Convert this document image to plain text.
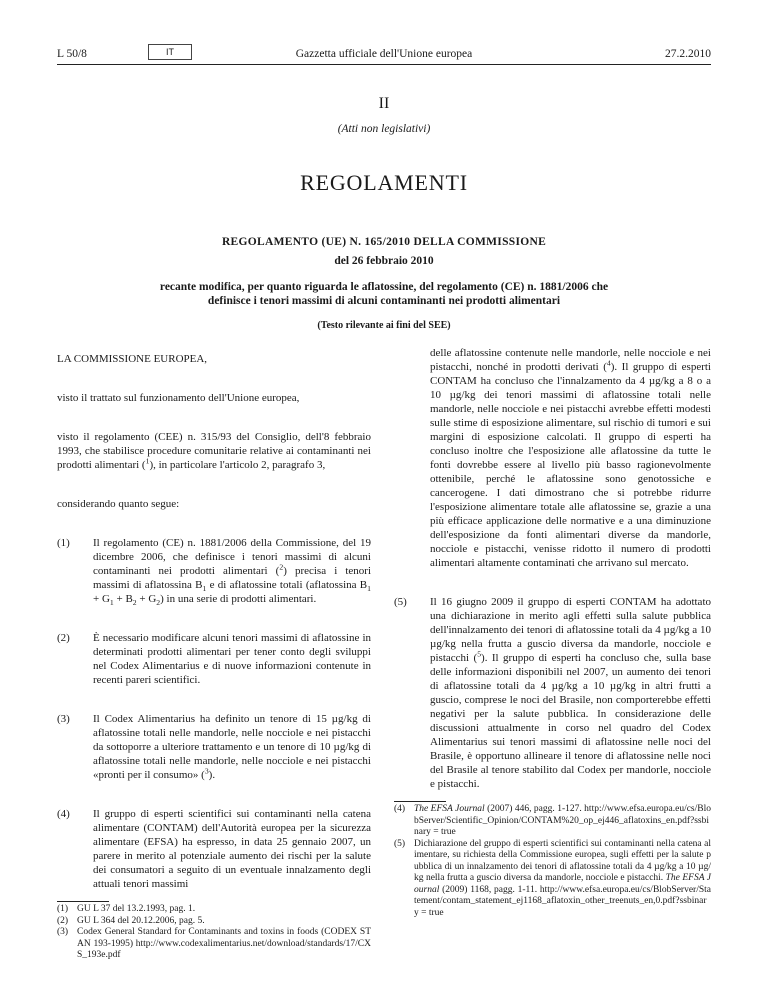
L 50/8	IT	Gazzetta ufficiale dell'Unione europea	27.2.2010
II
(Atti non legislativi)
REGOLAMENTI
REGOLAMENTO (UE) N. 165/2010 DELLA COMMISSIONE
del 26 febbraio 2010
recante modifica, per quanto riguarda le aflatossine, del regolamento (CE) n. 1881/2006 che
definisce i tenori massimi di alcuni contaminanti nei prodotti alimentari
(Testo rilevante ai fini del SEE)

LA COMMISSIONE EUROPEA,

visto il trattato sul funzionamento dell'Unione europea,

visto il regolamento (CEE) n. 315/93 del Consiglio, dell'8 febbraio 1993, che stabilisce procedure comunitarie relative ai contaminanti nei prodotti alimentari ($^1$), in particolare l'articolo 2, paragrafo 3,

considerando quanto segue:

(1)	Il regolamento (CE) n. 1881/2006 della Commissione, del 19 dicembre 2006, che definisce i tenori massimi di alcuni contaminanti nei prodotti alimentari ($^2$) precisa i tenori massimi di aflatossina $B_1$ e di aflatossine totali (aflatossina $B_1 + G_1 + B_2 + G_2$) in una serie di prodotti alimentari.
(2)	È necessario modificare alcuni tenori massimi di aflatossine in determinati prodotti alimentari per tener conto degli sviluppi nel Codex Alimentarius e di nuove informazioni contenute in recenti pareri scientifici.
(3)	Il Codex Alimentarius ha definito un tenore di 15 µg/kg di aflatossine totali nelle mandorle, nelle nocciole e nei pistacchi da sottoporre a ulteriore trattamento e un tenore di 10 µg/kg di aflatossine totali nelle mandorle, nelle nocciole e nei pistacchi «pronti per il consumo» ($^3$).
(4)	Il gruppo di esperti scientifici sui contaminanti nella catena alimentare (CONTAM) dell'Autorità europea per la sicurezza alimentare (EFSA) ha espresso, in data 25 gennaio 2007, un parere in merito al potenziale aumento dei rischi per la salute dei consumatori a seguito di un eventuale innalzamento degli attuali tenori massimi
(1) GU L 37 del 13.2.1993, pag. 1.
(2) GU L 364 del 20.12.2006, pag. 5.
(3) Codex General Standard for Contaminants and toxins in foods (CODEX STAN 193-1995) http://www.codexalimentarius.net/download/standards/17/CXS_193e.pdf

delle aflatossine contenute nelle mandorle, nelle nocciole e nei pistacchi, nonché in prodotti derivati ($^4$). Il gruppo di esperti CONTAM ha concluso che l'innalzamento da 4 µg/kg a 8 o a 10 µg/kg dei tenori massimi di aflatossine totali nelle mandorle, nelle nocciole e nei pistacchi avrebbe effetti modesti sulle stime di esposizione alimentare, sul rischio di tumori e sui margini di esposizione calcolati. Il gruppo di esperti ha concluso inoltre che l'esposizione alle aflatossine da tutte le fonti dovrebbe essere al livello più basso ragionevolmente ottenibile, perché le aflatossine sono genotossiche e cancerogene. I dati dimostrano che si potrebbe ridurre l'esposizione alimentare totale alle aflatossine se, grazie a una più efficace applicazione delle normative e a una diminuzione dell'esposizione da fonti alimentari diverse da mandorle, nocciole e pistacchi, venisse ridotto il numero di prodotti alimentari altamente contaminati che arrivano sul mercato.

(5)	Il 16 giugno 2009 il gruppo di esperti CONTAM ha adottato una dichiarazione in merito agli effetti sulla salute pubblica dell'innalzamento dei tenori di aflatossine totali da 4 µg/kg a 10 µg/kg nella frutta a guscio diversa da mandorle, nocciole e pistacchi ($^5$). Il gruppo di esperti ha concluso che, sulla base delle informazioni disponibili nel 2007, un aumento dei tenori di aflatossine totali da 4 µg/kg a 10 µg/kg in altri frutti a guscio, comprese le noci del Brasile, non comporterebbe effetti negativi per la salute pubblica. In considerazione delle discussioni attualmente in corso nel quadro del Codex Alimentarius sui tenori massimi di aflatossine nelle noci del Brasile, è opportuno allineare il tenore di aflatossine nelle noci del Brasile al tenore stabilito dal Codex per mandorle, nocciole e pistacchi.
(4) The EFSA Journal (2007) 446, pagg. 1-127. http://www.efsa.europa.eu/cs/BlobServer/Scientific_Opinion/CONTAM%20_op_ej446_aflatoxins_en.pdf?ssbinary = true
(5) Dichiarazione del gruppo di esperti scientifici sui contaminanti nella catena alimentare, su richiesta della Commissione europea, sugli effetti per la salute pubblica di un innalzamento dei tenori di aflatossine totali da 4 µg/kg a 10 µg/kg nella frutta a guscio diversa da mandorle, nocciole e pistacchi. The EFSA Journal (2009) 1168, pagg. 1-11. http://www.efsa.europa.eu/cs/BlobServer/Statement/contam_statement_ej1168_aflatoxin_other_treenuts_en,0.pdf?ssbinary = true
